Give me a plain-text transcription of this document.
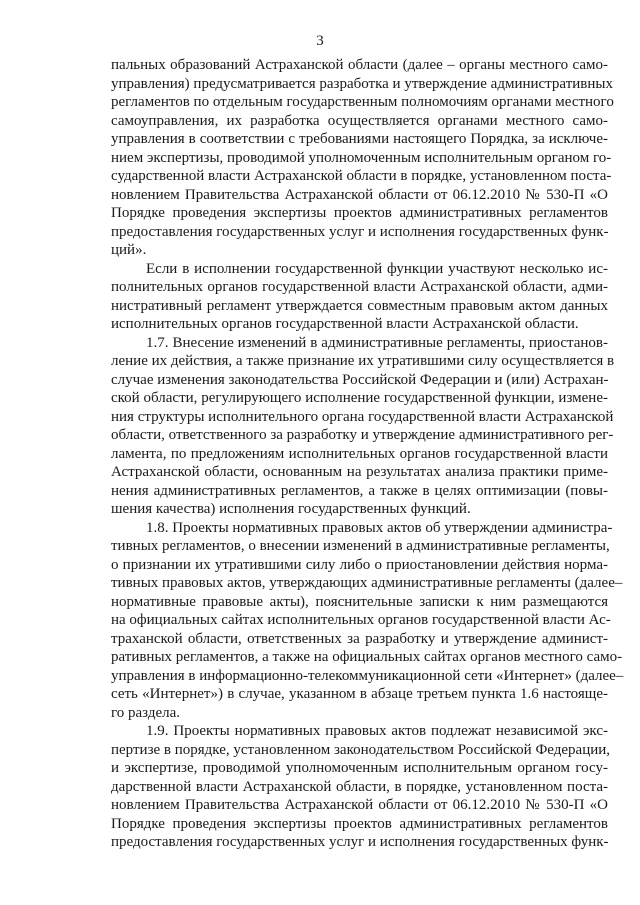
3
пальных образований Астраханской области (далее – органы местного само-
управления) предусматривается разработка и утверждение административных
регламентов по отдельным государственным полномочиям органами местного
самоуправления, их разработка осуществляется органами местного само-
управления в соответствии с требованиями настоящего Порядка, за исключе-
нием экспертизы, проводимой уполномоченным исполнительным органом го-
сударственной власти Астраханской области в порядке, установленном поста-
новлением Правительства Астраханской области от 06.12.2010 № 530-П «О
Порядке проведения экспертизы проектов административных регламентов
предоставления государственных услуг и исполнения государственных функ-
ций».
Если в исполнении государственной функции участвуют несколько ис-
полнительных органов государственной власти Астраханской области, адми-
нистративный регламент утверждается совместным правовым актом данных
исполнительных органов государственной власти Астраханской области.
1.7. Внесение изменений в административные регламенты, приостанов-
ление их действия, а также признание их утратившими силу осуществляется в
случае изменения законодательства Российской Федерации и (или) Астрахан-
ской области, регулирующего исполнение государственной функции, измене-
ния структуры исполнительного органа государственной власти Астраханской
области, ответственного за разработку и утверждение административного рег-
ламента, по предложениям исполнительных органов государственной власти
Астраханской области, основанным на результатах анализа практики приме-
нения административных регламентов, а также в целях оптимизации (повы-
шения качества) исполнения государственных функций.
1.8. Проекты нормативных правовых актов об утверждении администра-
тивных регламентов, о внесении изменений в административные регламенты,
о признании их утратившими силу либо о приостановлении действия норма-
тивных правовых актов, утверждающих административные регламенты (далее–
нормативные правовые акты), пояснительные записки к ним размещаются
на официальных сайтах исполнительных органов государственной власти Ас-
траханской области, ответственных за разработку и утверждение админист-
ративных регламентов, а также на официальных сайтах органов местного само-
управления в информационно-телекоммуникационной сети «Интернет» (далее–
сеть «Интернет») в случае, указанном в абзаце третьем пункта 1.6 настояще-
го раздела.
1.9. Проекты нормативных правовых актов подлежат независимой экс-
пертизе в порядке, установленном законодательством Российской Федерации,
и экспертизе, проводимой уполномоченным исполнительным органом госу-
дарственной власти Астраханской области, в порядке, установленном поста-
новлением Правительства Астраханской области от 06.12.2010 № 530-П «О
Порядке проведения экспертизы проектов административных регламентов
предоставления государственных услуг и исполнения государственных функ-
